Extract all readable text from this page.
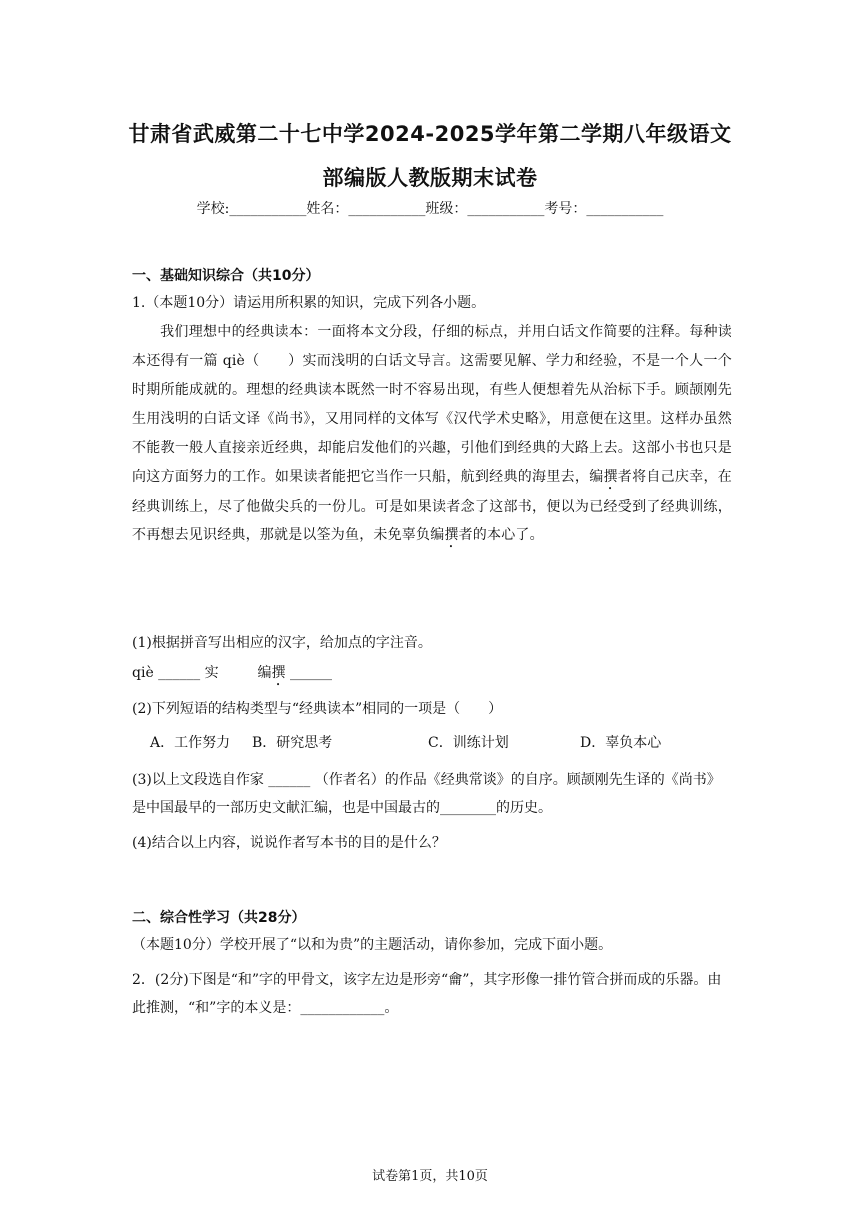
甘肃省武威第二十七中学2024-2025学年第二学期八年级语文
部编版人教版期末试卷
学校:___________姓名：___________班级：___________考号：___________
一、基础知识综合（共10分）
1.（本题10分）请运用所积累的知识，完成下列各小题。
我们理想中的经典读本：一面将本文分段，仔细的标点，并用白话文作简要的注释。每种读本还得有一篇 qiè（　　）实而浅明的白话文导言。这需要见解、学力和经验，不是一个人一个时期所能成就的。理想的经典读本既然一时不容易出现，有些人便想着先从治标下手。顾颉刚先生用浅明的白话文译《尚书》，又用同样的文体写《汉代学术史略》，用意便在这里。这样办虽然不能教一般人直接亲近经典，却能启发他们的兴趣，引他们到经典的大路上去。这部小书也只是向这方面努力的工作。如果读者能把它当作一只船，航到经典的海里去，编撰者将自己庆幸，在经典训练上，尽了他做尖兵的一份儿。可是如果读者念了这部书，便以为已经受到了经典训练，不再想去见识经典，那就是以筌为鱼，未免辜负编撰者的本心了。
(1)根据拼音写出相应的汉字，给加点的字注音。
qiè ______ 实	编撰 ______
(2)下列短语的结构类型与“经典读本”相同的一项是（　　）
A．工作努力 B．研究思考	C．训练计划	D．辜负本心
(3)以上文段选自作家 ______ （作者名）的作品《经典常谈》的自序。顾颉刚先生译的《尚书》是中国最早的一部历史文献汇编，也是中国最古的________的历史。
(4)结合以上内容，说说作者写本书的目的是什么？
二、综合性学习（共28分）
（本题10分）学校开展了“以和为贵”的主题活动，请你参加，完成下面小题。
2．(2分)下图是“和”字的甲骨文，该字左边是形旁“龠”，其字形像一排竹管合拼而成的乐器。由此推测，“和”字的本义是：____________。
试卷第1页，共10页
